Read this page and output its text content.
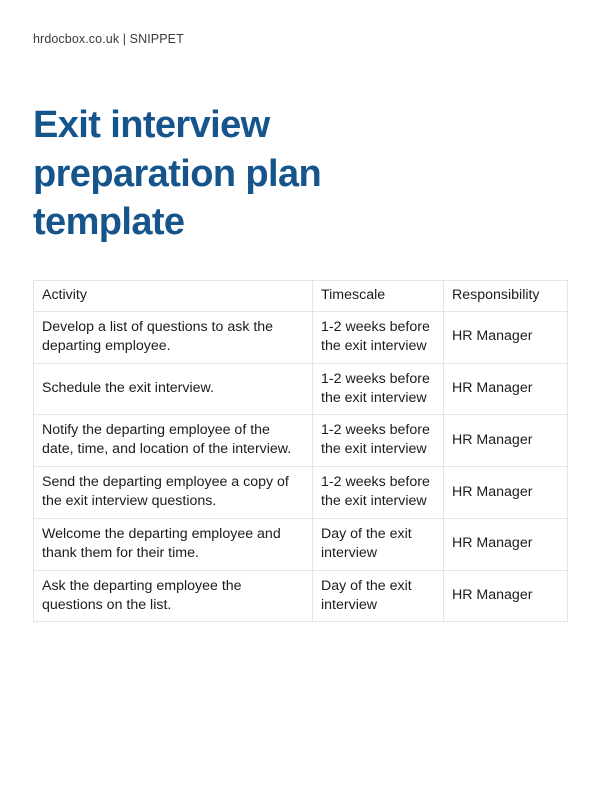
hrdocbox.co.uk | SNIPPET
Exit interview preparation plan template
Activity	Timescale	Responsibility
Develop a list of questions to ask the departing employee.	1-2 weeks before the exit interview	HR Manager
Schedule the exit interview.	1-2 weeks before the exit interview	HR Manager
Notify the departing employee of the date, time, and location of the interview.	1-2 weeks before the exit interview	HR Manager
Send the departing employee a copy of the exit interview questions.	1-2 weeks before the exit interview	HR Manager
Welcome the departing employee and thank them for their time.	Day of the exit interview	HR Manager
Ask the departing employee the questions on the list.	Day of the exit interview	HR Manager
